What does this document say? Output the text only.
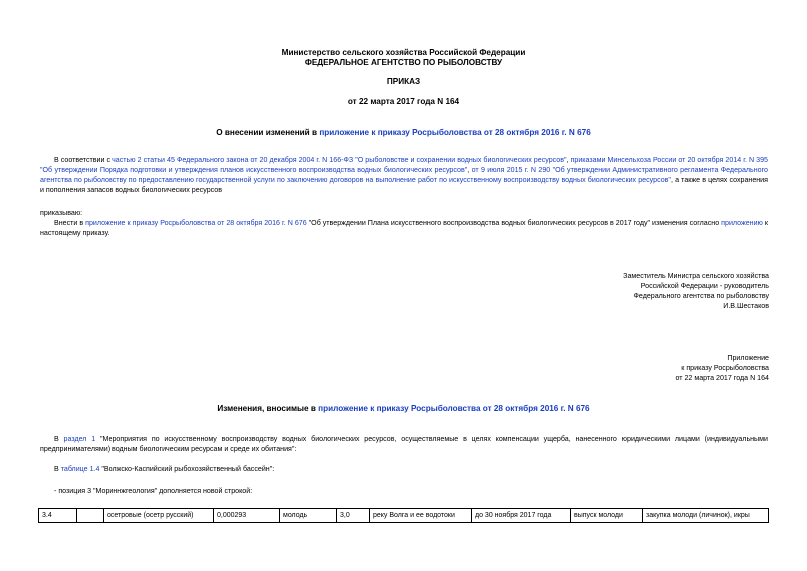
Министерство сельского хозяйства Российской Федерации
ФЕДЕРАЛЬНОЕ АГЕНТСТВО ПО РЫБОЛОВСТВУ
ПРИКАЗ
от 22 марта 2017 года N 164
О внесении изменений в приложение к приказу Росрыболовства от 28 октября 2016 г. N 676
В соответствии с частью 2 статьи 45 Федерального закона от 20 декабря 2004 г. N 166-ФЗ "О рыболовстве и сохранении водных биологических ресурсов", приказами Минсельхоза России от 20 октября 2014 г. N 395 "Об утверждении Порядка подготовки и утверждения планов искусственного воспроизводства водных биологических ресурсов", от 9 июля 2015 г. N 290 "Об утверждении Административного регламента Федерального агентства по рыболовству по предоставлению государственной услуги по заключению договоров на выполнение работ по искусственному воспроизводству водных биологических ресурсов", а также в целях сохранения и пополнения запасов водных биологических ресурсов
приказываю:
Внести в приложение к приказу Росрыболовства от 28 октября 2016 г. N 676 "Об утверждении Плана искусственного воспроизводства водных биологических ресурсов в 2017 году" изменения согласно приложению к настоящему приказу.
Заместитель Министра сельского хозяйства
Российской Федерации - руководитель
Федерального агентства по рыболовству
И.В.Шестаков
Приложение
к приказу Росрыболовства
от 22 марта 2017 года N 164
Изменения, вносимые в приложение к приказу Росрыболовства от 28 октября 2016 г. N 676
В раздел 1 "Мероприятия по искусственному воспроизводству водных биологических ресурсов, осуществляемые в целях компенсации ущерба, нанесенного юридическими лицами (индивидуальными предпринимателями) водным биологическим ресурсам и среде их обитания":
В таблице 1.4 "Волжско-Каспийский рыбохозяйственный бассейн":
- позиция 3 "Мориннжгеология" дополняется новой строкой:
3.4		осетровые (осетр русский)	0,000293	молодь	3,0	реку Волга и ее водотоки	до 30 ноября 2017 года	выпуск молоди	закупка молоди (личинок), икры
